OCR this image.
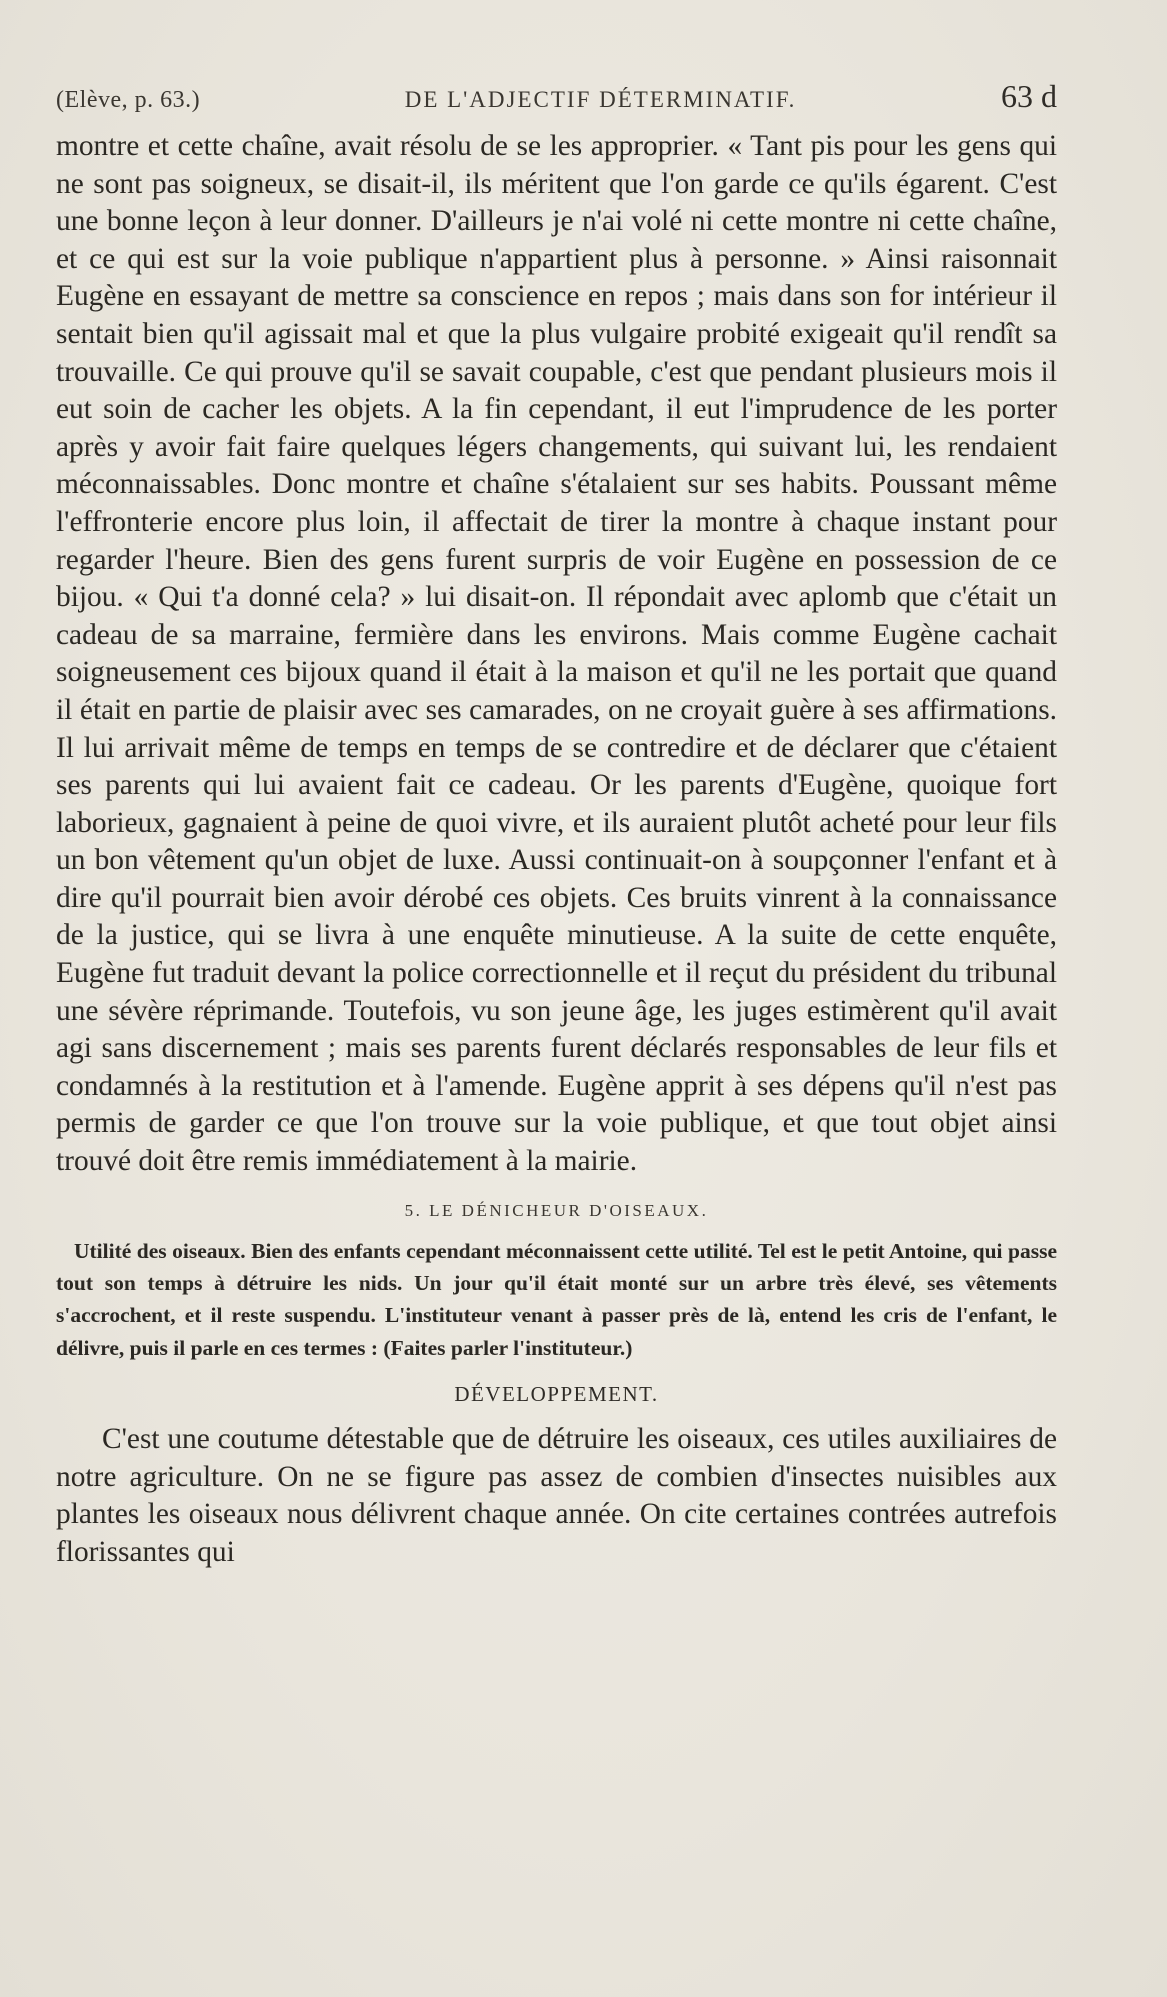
(Elève, p. 63.)	DE L'ADJECTIF DÉTERMINATIF.	63 d

montre et cette chaîne, avait résolu de se les approprier. « Tant pis pour les gens qui ne sont pas soigneux, se disait-il, ils méritent que l'on garde ce qu'ils égarent. C'est une bonne leçon à leur donner. D'ailleurs je n'ai volé ni cette montre ni cette chaîne, et ce qui est sur la voie publique n'appartient plus à personne. » Ainsi raisonnait Eugène en essayant de mettre sa conscience en repos ; mais dans son for intérieur il sentait bien qu'il agissait mal et que la plus vulgaire probité exigeait qu'il rendît sa trouvaille. Ce qui prouve qu'il se savait coupable, c'est que pendant plusieurs mois il eut soin de cacher les objets. A la fin cependant, il eut l'imprudence de les porter après y avoir fait faire quelques légers changements, qui suivant lui, les rendaient méconnaissables. Donc montre et chaîne s'étalaient sur ses habits. Poussant même l'effronterie encore plus loin, il affectait de tirer la montre à chaque instant pour regarder l'heure. Bien des gens furent surpris de voir Eugène en possession de ce bijou. « Qui t'a donné cela? » lui disait-on. Il répondait avec aplomb que c'était un cadeau de sa marraine, fermière dans les environs. Mais comme Eugène cachait soigneusement ces bijoux quand il était à la maison et qu'il ne les portait que quand il était en partie de plaisir avec ses camarades, on ne croyait guère à ses affirmations. Il lui arrivait même de temps en temps de se contredire et de déclarer que c'étaient ses parents qui lui avaient fait ce cadeau. Or les parents d'Eugène, quoique fort laborieux, gagnaient à peine de quoi vivre, et ils auraient plutôt acheté pour leur fils un bon vêtement qu'un objet de luxe. Aussi continuait-on à soupçonner l'enfant et à dire qu'il pourrait bien avoir dérobé ces objets. Ces bruits vinrent à la connaissance de la justice, qui se livra à une enquête minutieuse. A la suite de cette enquête, Eugène fut traduit devant la police correctionnelle et il reçut du président du tribunal une sévère réprimande. Toutefois, vu son jeune âge, les juges estimèrent qu'il avait agi sans discernement ; mais ses parents furent déclarés responsables de leur fils et condamnés à la restitution et à l'amende. Eugène apprit à ses dépens qu'il n'est pas permis de garder ce que l'on trouve sur la voie publique, et que tout objet ainsi trouvé doit être remis immédiatement à la mairie.

5. LE DÉNICHEUR D'OISEAUX.

Utilité des oiseaux. Bien des enfants cependant méconnaissent cette utilité. Tel est le petit Antoine, qui passe tout son temps à détruire les nids. Un jour qu'il était monté sur un arbre très élevé, ses vêtements s'accrochent, et il reste suspendu. L'instituteur venant à passer près de là, entend les cris de l'enfant, le délivre, puis il parle en ces termes : (Faites parler l'instituteur.)

DÉVELOPPEMENT.

C'est une coutume détestable que de détruire les oiseaux, ces utiles auxiliaires de notre agriculture. On ne se figure pas assez de combien d'insectes nuisibles aux plantes les oiseaux nous délivrent chaque année. On cite certaines contrées autrefois florissantes qui
